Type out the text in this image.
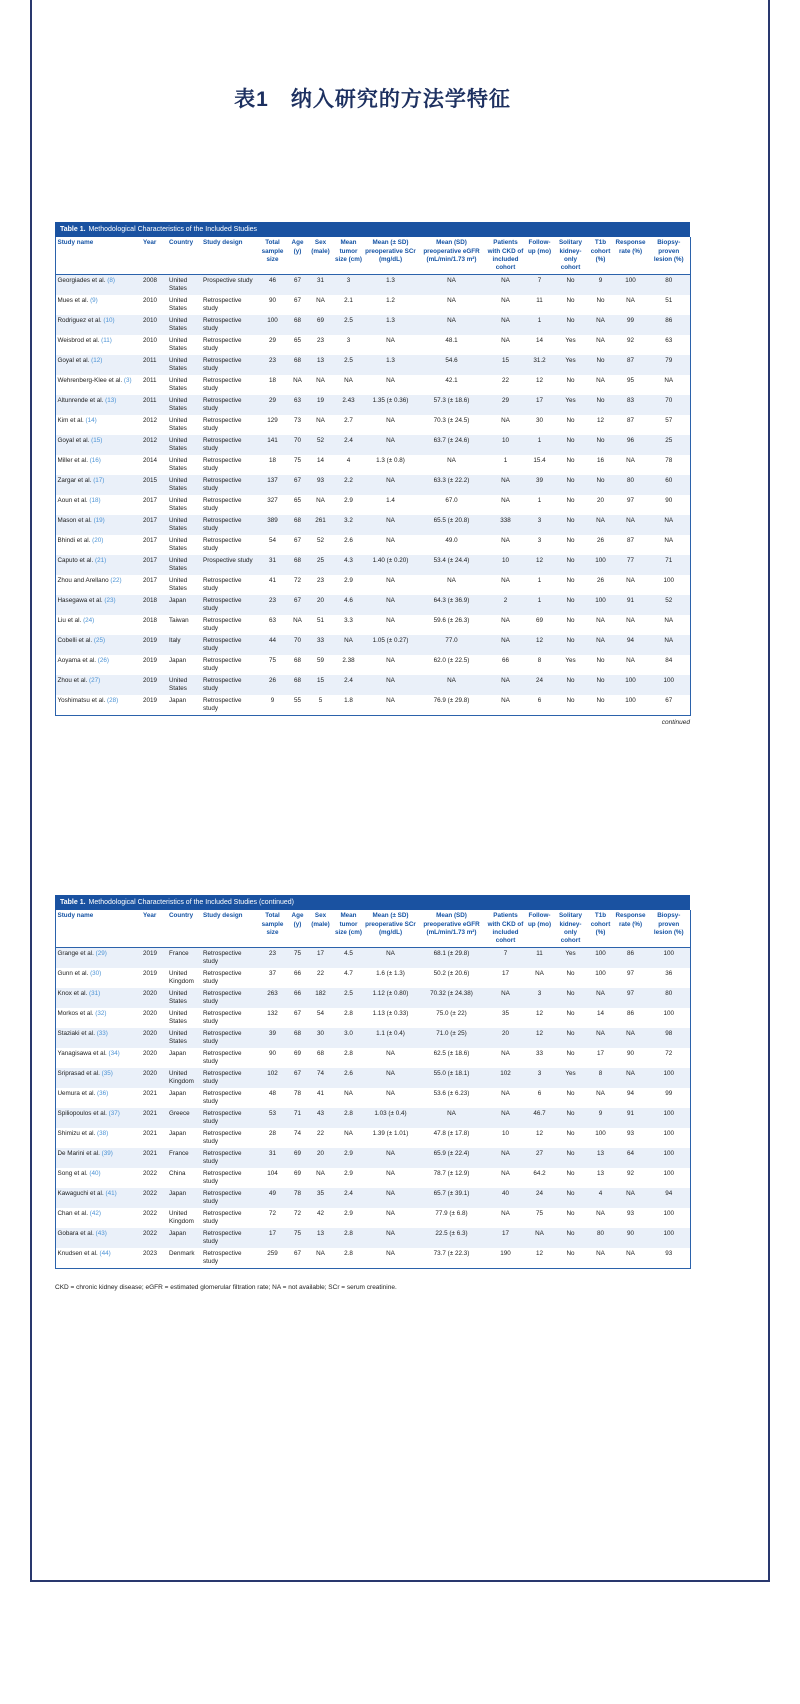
表1　纳入研究的方法学特征
Table 1. Methodological Characteristics of the Included Studies
Study name	Year	Country	Study design	Total sample size	Age (y)	Sex (male)	Mean tumor size (cm)	Mean (± SD) preoperative SCr (mg/dL)	Mean (SD) preoperative eGFR (mL/min/1.73 m²)	Patients with CKD of included cohort	Follow-up (mo)	Solitary kidney-only cohort	T1b cohort (%)	Response rate (%)	Biopsy-proven lesion (%)
Georgiades et al. (8)	2008	United States	Prospective study	46	67	31	3	1.3	NA	NA	7	No	9	100	80
Mues et al. (9)	2010	United States	Retrospective study	90	67	NA	2.1	1.2	NA	NA	11	No	No	NA	51
Rodriguez et al. (10)	2010	United States	Retrospective study	100	68	69	2.5	1.3	NA	NA	1	No	NA	99	86
Weisbrod et al. (11)	2010	United States	Retrospective study	29	65	23	3	NA	48.1	NA	14	Yes	NA	92	63
Goyal et al. (12)	2011	United States	Retrospective study	23	68	13	2.5	1.3	54.6	15	31.2	Yes	No	87	79
Wehrenberg-Klee et al. (3)	2011	United States	Retrospective study	18	NA	NA	NA	NA	42.1	22	12	No	NA	95	NA
Altunrende et al. (13)	2011	United States	Retrospective study	29	63	19	2.43	1.35 (± 0.36)	57.3 (± 18.6)	29	17	Yes	No	83	70
Kim et al. (14)	2012	United States	Retrospective study	129	73	NA	2.7	NA	70.3 (± 24.5)	NA	30	No	12	87	57
Goyal et al. (15)	2012	United States	Retrospective study	141	70	52	2.4	NA	63.7 (± 24.6)	10	1	No	No	96	25
Miller et al. (16)	2014	United States	Retrospective study	18	75	14	4	1.3 (± 0.8)	NA	1	15.4	No	16	NA	78
Zargar et al. (17)	2015	United States	Retrospective study	137	67	93	2.2	NA	63.3 (± 22.2)	NA	39	No	No	80	60
Aoun et al. (18)	2017	United States	Retrospective study	327	65	NA	2.9	1.4	67.0	NA	1	No	20	97	90
Mason et al. (19)	2017	United States	Retrospective study	389	68	261	3.2	NA	65.5 (± 20.8)	338	3	No	NA	NA	NA
Bhindi et al. (20)	2017	United States	Retrospective study	54	67	52	2.6	NA	49.0	NA	3	No	26	87	NA
Caputo et al. (21)	2017	United States	Prospective study	31	68	25	4.3	1.40 (± 0.20)	53.4 (± 24.4)	10	12	No	100	77	71
Zhou and Arellano (22)	2017	United States	Retrospective study	41	72	23	2.9	NA	NA	NA	1	No	26	NA	100
Hasegawa et al. (23)	2018	Japan	Retrospective study	23	67	20	4.6	NA	64.3 (± 36.9)	2	1	No	100	91	52
Liu et al. (24)	2018	Taiwan	Retrospective study	63	NA	51	3.3	NA	59.6 (± 26.3)	NA	69	No	NA	NA	NA
Cobelli et al. (25)	2019	Italy	Retrospective study	44	70	33	NA	1.05 (± 0.27)	77.0	NA	12	No	NA	94	NA
Aoyama et al. (26)	2019	Japan	Retrospective study	75	68	59	2.38	NA	62.0 (± 22.5)	66	8	Yes	No	NA	84
Zhou et al. (27)	2019	United States	Retrospective study	26	68	15	2.4	NA	NA	NA	24	No	No	100	100
Yoshimatsu et al. (28)	2019	Japan	Retrospective study	9	55	5	1.8	NA	76.9 (± 29.8)	NA	6	No	No	100	67
continued
Table 1. Methodological Characteristics of the Included Studies (continued)
Study name	Year	Country	Study design	Total sample size	Age (y)	Sex (male)	Mean tumor size (cm)	Mean (± SD) preoperative SCr (mg/dL)	Mean (SD) preoperative eGFR (mL/min/1.73 m²)	Patients with CKD of included cohort	Follow-up (mo)	Solitary kidney-only cohort	T1b cohort (%)	Response rate (%)	Biopsy-proven lesion (%)
Grange et al. (29)	2019	France	Retrospective study	23	75	17	4.5	NA	68.1 (± 29.8)	7	11	Yes	100	86	100
Gunn et al. (30)	2019	United Kingdom	Retrospective study	37	66	22	4.7	1.6 (± 1.3)	50.2 (± 20.6)	17	NA	No	100	97	36
Knox et al. (31)	2020	United States	Retrospective study	263	66	182	2.5	1.12 (± 0.80)	70.32 (± 24.38)	NA	3	No	NA	97	80
Morkos et al. (32)	2020	United States	Retrospective study	132	67	54	2.8	1.13 (± 0.33)	75.0 (± 22)	35	12	No	14	86	100
Staziaki et al. (33)	2020	United States	Retrospective study	39	68	30	3.0	1.1 (± 0.4)	71.0 (± 25)	20	12	No	NA	NA	98
Yanagisawa et al. (34)	2020	Japan	Retrospective study	90	69	68	2.8	NA	62.5 (± 18.6)	NA	33	No	17	90	72
Sriprasad et al. (35)	2020	United Kingdom	Retrospective study	102	67	74	2.6	NA	55.0 (± 18.1)	102	3	Yes	8	NA	100
Uemura et al. (36)	2021	Japan	Retrospective study	48	78	41	NA	NA	53.6 (± 6.23)	NA	6	No	NA	94	99
Spiliopoulos et al. (37)	2021	Greece	Retrospective study	53	71	43	2.8	1.03 (± 0.4)	NA	NA	46.7	No	9	91	100
Shimizu et al. (38)	2021	Japan	Retrospective study	28	74	22	NA	1.39 (± 1.01)	47.8 (± 17.8)	10	12	No	100	93	100
De Marini et al. (39)	2021	France	Retrospective study	31	69	20	2.9	NA	65.9 (± 22.4)	NA	27	No	13	64	100
Song et al. (40)	2022	China	Retrospective study	104	69	NA	2.9	NA	78.7 (± 12.9)	NA	64.2	No	13	92	100
Kawaguchi et al. (41)	2022	Japan	Retrospective study	49	78	35	2.4	NA	65.7 (± 39.1)	40	24	No	4	NA	94
Chan et al. (42)	2022	United Kingdom	Retrospective study	72	72	42	2.9	NA	77.9 (± 6.8)	NA	75	No	NA	93	100
Gobara et al. (43)	2022	Japan	Retrospective study	17	75	13	2.8	NA	22.5 (± 6.3)	17	NA	No	80	90	100
Knudsen et al. (44)	2023	Denmark	Retrospective study	259	67	NA	2.8	NA	73.7 (± 22.3)	190	12	No	NA	NA	93
CKD = chronic kidney disease; eGFR = estimated glomerular filtration rate; NA = not available; SCr = serum creatinine.
